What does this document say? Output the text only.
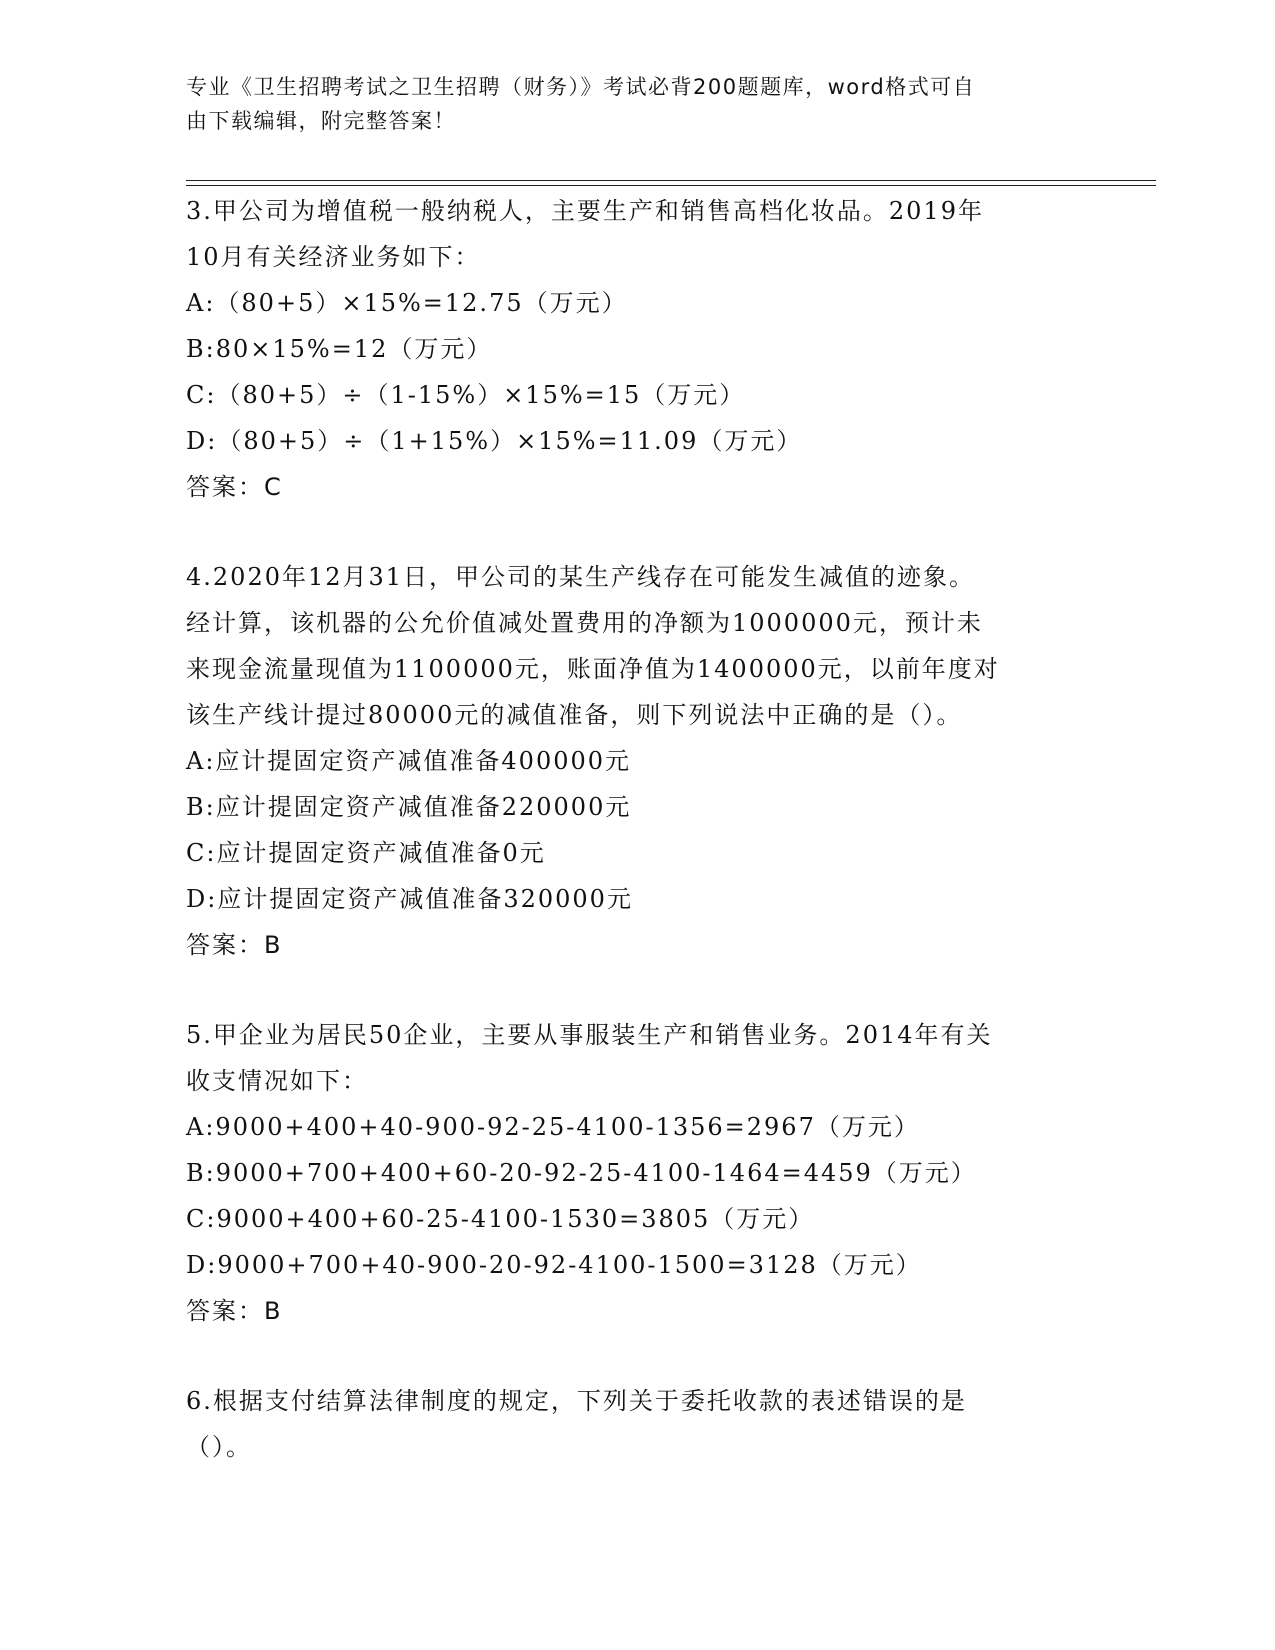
专业《卫生招聘考试之卫生招聘（财务）》考试必背200题题库，word格式可自
由下载编辑，附完整答案！

3.甲公司为增值税一般纳税人，主要生产和销售高档化妆品。2019年

10月有关经济业务如下：

A:（80+5）×15%=12.75（万元）

B:80×15%=12（万元）

C:（80+5）÷（1-15%）×15%=15（万元）

D:（80+5）÷（1+15%）×15%=11.09（万元）

答案：C

4.2020年12月31日，甲公司的某生产线存在可能发生减值的迹象。

经计算，该机器的公允价值减处置费用的净额为1000000元，预计未

来现金流量现值为1100000元，账面净值为1400000元，以前年度对

该生产线计提过80000元的减值准备，则下列说法中正确的是（）。

A:应计提固定资产减值准备400000元

B:应计提固定资产减值准备220000元

C:应计提固定资产减值准备0元

D:应计提固定资产减值准备320000元

答案：B

5.甲企业为居民50企业，主要从事服装生产和销售业务。2014年有关

收支情况如下：

A:9000+400+40-900-92-25-4100-1356=2967（万元）

B:9000+700+400+60-20-92-25-4100-1464=4459（万元）

C:9000+400+60-25-4100-1530=3805（万元）

D:9000+700+40-900-20-92-4100-1500=3128（万元）

答案：B

6.根据支付结算法律制度的规定，下列关于委托收款的表述错误的是

（）。
